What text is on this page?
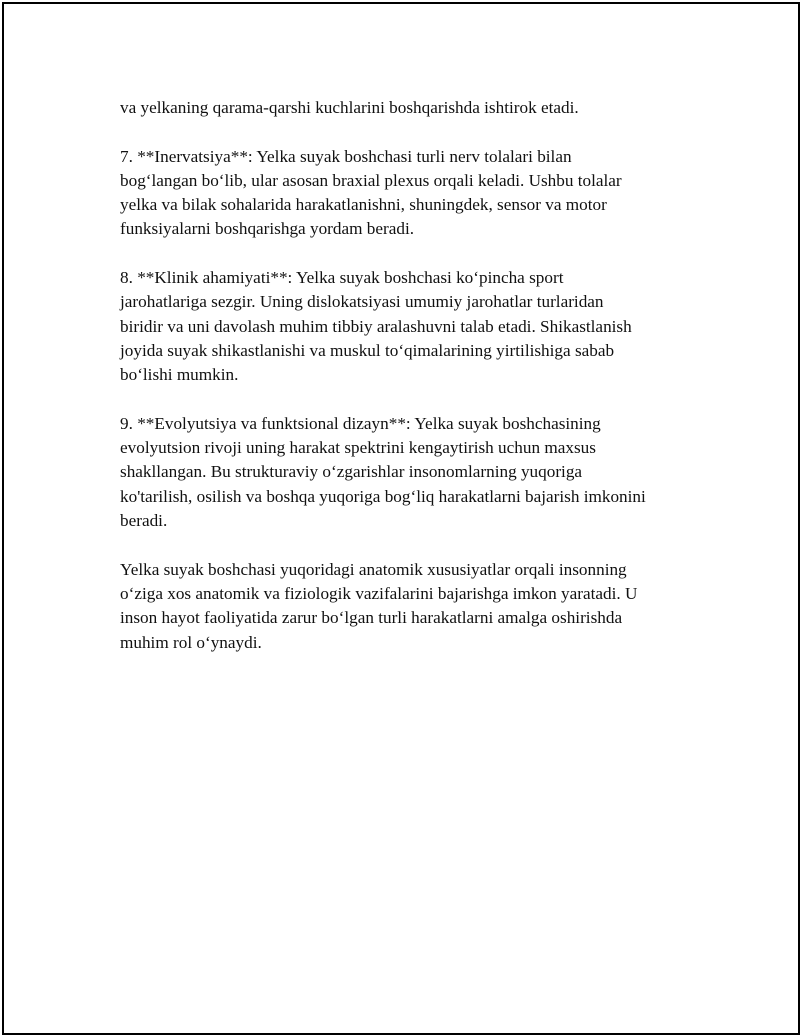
va yelkaning qarama-qarshi kuchlarini boshqarishda ishtirok etadi.

7. **Inervatsiya**: Yelka suyak boshchasi turli nerv tolalari bilan
bog‘langan bo‘lib, ular asosan braxial plexus orqali keladi. Ushbu tolalar
yelka va bilak sohalarida harakatlanishni, shuningdek, sensor va motor
funksiyalarni boshqarishga yordam beradi.

8. **Klinik ahamiyati**: Yelka suyak boshchasi ko‘pincha sport
jarohatlariga sezgir. Uning dislokatsiyasi umumiy jarohatlar turlaridan
biridir va uni davolash muhim tibbiy aralashuvni talab etadi. Shikastlanish
joyida suyak shikastlanishi va muskul to‘qimalarining yirtilishiga sabab
bo‘lishi mumkin.

9. **Evolyutsiya va funktsional dizayn**: Yelka suyak boshchasining
evolyutsion rivoji uning harakat spektrini kengaytirish uchun maxsus
shakllangan. Bu strukturaviy o‘zgarishlar insonomlarning yuqoriga
ko'tarilish, osilish va boshqa yuqoriga bog‘liq harakatlarni bajarish imkonini
beradi.

Yelka suyak boshchasi yuqoridagi anatomik xususiyatlar orqali insonning
o‘ziga xos anatomik va fiziologik vazifalarini bajarishga imkon yaratadi. U
inson hayot faoliyatida zarur bo‘lgan turli harakatlarni amalga oshirishda
muhim rol o‘ynaydi.
